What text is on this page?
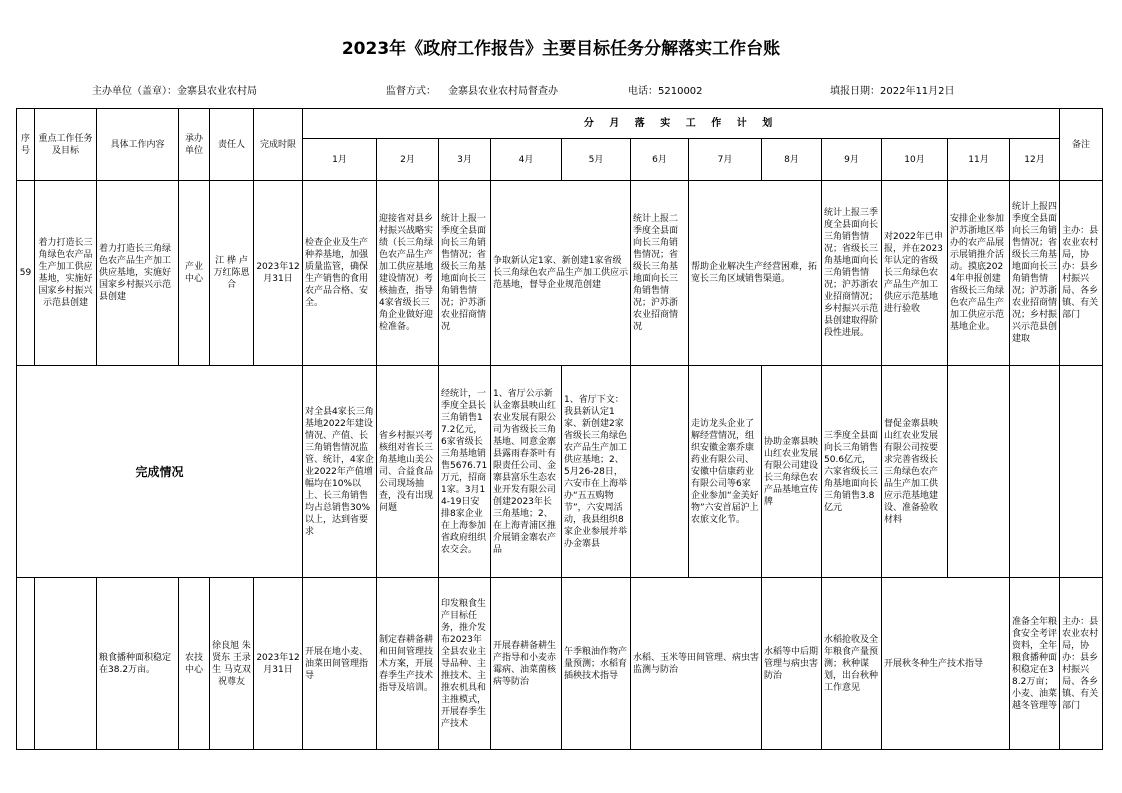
2023年《政府工作报告》主要目标任务分解落实工作台账
主办单位（盖章）：金寨县农业农村局	监督方式： 金寨县农业农村局督查办	电话：5210002	填报日期：2022年11月2日
序号	重点工作任务及目标	具体工作内容	承办单位	责任人	完成时限	分 月 落 实 工 作 计 划												备注
						1月	2月	3月	4月	5月	6月	7月	8月	9月	10月	11月	12月	
59	着力打造长三角绿色农产品生产加工供应基地，实施好国家乡村振兴示范县创建	着力打造长三角绿色农产品生产加工供应基地，实施好国家乡村振兴示范县创建	产业中心	江 桦 卢万红陈恩合	2023年12月31日	检查企业及生产种养基地，加强质量监管，确保生产销售的食用农产品合格、安全。	迎接省对县乡村振兴战略实绩（长三角绿色农产品生产加工供应基地建设情况）考核抽查，指导4家省级长三角企业做好迎检准备。	统计上报一季度全县面向长三角销售情况；省级长三角基地面向长三角销售情况；沪苏浙农业招商情况	争取新认定1家、新创建1家省级长三角绿色农产品生产加工供应示范基地，督导企业规范创建		统计上报二季度全县面向长三角销售情况；省级长三角基地面向长三角销售情况；沪苏浙农业招商情况	帮助企业解决生产经营困难，拓宽长三角区域销售渠道。		统计上报三季度全县面向长三角销售情况；省级长三角基地面向长三角销售情况；沪苏浙农业招商情况；乡村振兴示范县创建取得阶段性进展。	对2022年已申报，并在2023年认定的省级长三角绿色农产品生产加工供应示范基地进行验收	安排企业参加沪苏浙地区举办的农产品展示展销推介活动。摸底2024年申报创建省级长三角绿色农产品生产加工供应示范基地企业。	统计上报四季度全县面向长三角销售情况；省级长三角基地面向长三角销售情况；沪苏浙农业招商情况；乡村振兴示范县创建取	主办：县农业农村局，协办：县乡村振兴局、各乡镇、有关部门
完成情况						对全县4家长三角基地2022年建设情况、产值、长三角销售情况监管、统计，4家企业2022年产值增幅均在10%以上、长三角销售均占总销售30%以上，达到省要求	省乡村振兴考核组对省长三角基地山美公司、合益食品公司现场抽查，没有出现问题	经统计，一季度全县长三角销售17.2亿元，6家省级长三角基地销售5676.71万元，招商1家。3月14-19日安排8家企业在上海参加省政府组织农交会。	1、省厅公示新认金寨县映山红农业发展有限公司为省级长三角基地、同意金寨县露雨春茶叶有限责任公司、金寨县富乐生态农业开发有限公司创建2023年长三角基地；2、在上海青浦区推介展销金寨农产品	1、省厅下文：我县新认定1家、新创建2家省级长三角绿色农产品生产加工供应基地；2、5月26-28日，六安市在上海举办“五五购物节”，六安周活动，我县组织8家企业参展并举办金寨县		走访龙头企业了解经营情况，组织安徽金寨乔康药业有限公司、安徽中信康药业有限公司等6家企业参加“金美好物”六安首届沪上农旅文化节。	协助金寨县映山红农业发展有限公司建设长三角绿色农产品基地宣传牌	三季度全县面向长三角销售50.6亿元，六家省级长三角基地面向长三角销售3.8亿元	督促金寨县映山红农业发展有限公司按要求完善省级长三角绿色农产品生产加工供应示范基地建设、准备验收材料			
		粮食播种面积稳定在38.2万亩。	农技中心	徐良旭 朱贤东 王录生 马克双 祝尊友	2023年12月31日	开展在地小麦、油菜田间管理指导	制定春耕备耕和田间管理技术方案，开展春季生产技术指导及培训。	印发粮食生产目标任务，推介发布2023年全县农业主导品种、主推技术、主推农机具和主推模式，开展春季生产技术	开展春耕备耕生产指导和小麦赤霉病、油菜菌核病等防治	午季粮油作物产量预测；水稻育插秧技术指导	水稻、玉米等田间管理、病虫害监测与防治		水稻等中后期管理与病虫害防治	水稻抢收及全年粮食产量预测；秋种谋划，出台秋种工作意见	开展秋冬种生产技术指导		准备全年粮食安全考评资料，全年粮食播种面积稳定在38.2万亩；小麦、油菜越冬管理等	主办：县农业农村局，协办：县乡村振兴局、各乡镇、有关部门
